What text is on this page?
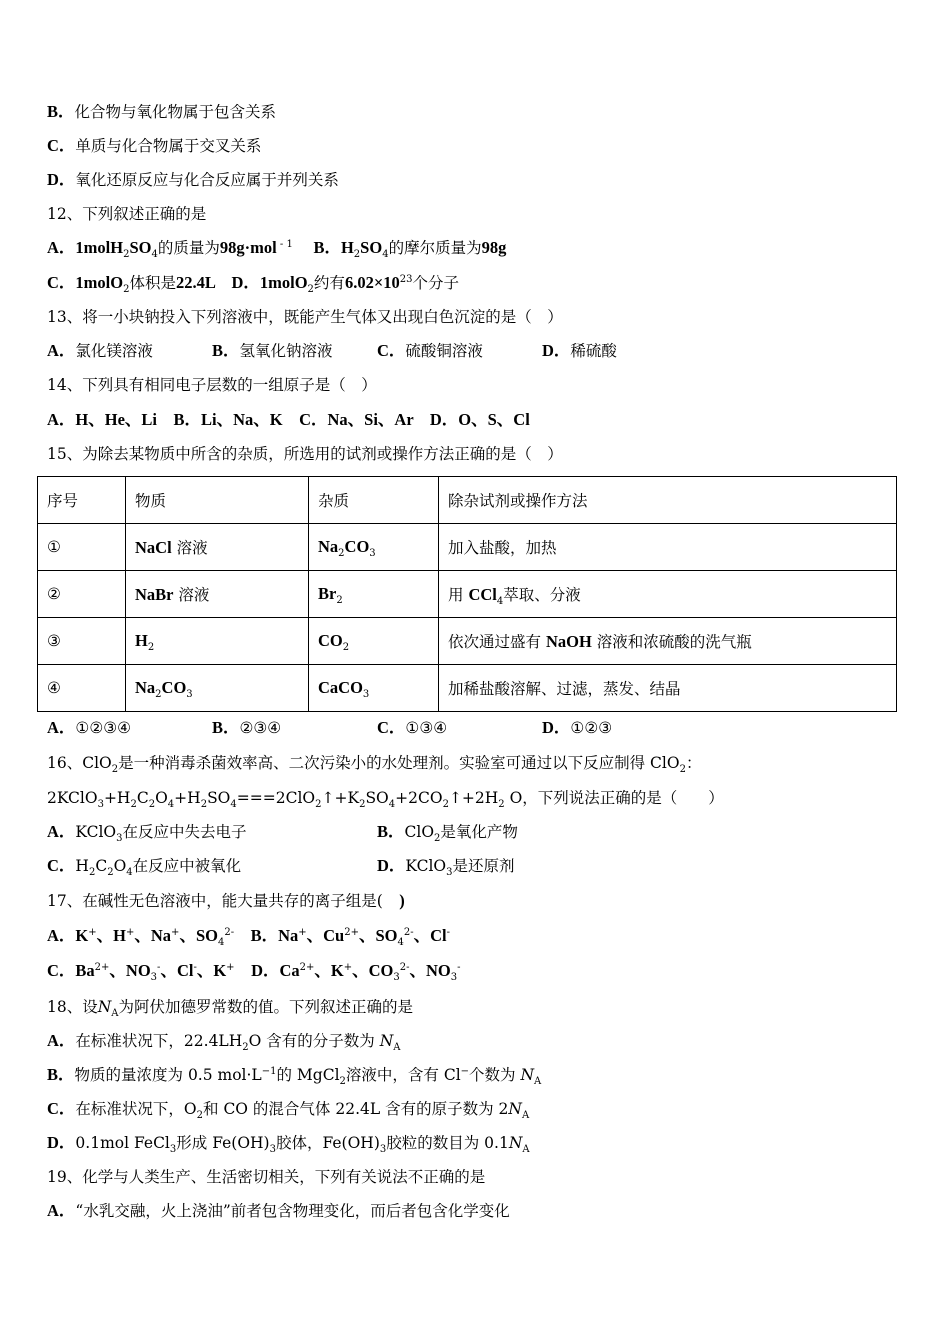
B．化合物与氧化物属于包含关系
C．单质与化合物属于交叉关系
D．氧化还原反应与化合反应属于并列关系
12、下列叙述正确的是
A．$1molH_2SO_4$的质量为98g·mol $^{- 1}$　 B．$H_2SO_4$的摩尔质量为98g
C．1molO$_2$体积是22.4L　D．1molO$_2$约有$6.02\times 10^{23}$个分子
13、将一小块钠投入下列溶液中，既能产生气体又出现白色沉淀的是（　）
A．氯化镁溶液	B．氢氧化钠溶液	C．硫酸铜溶液	D．稀硫酸
14、下列具有相同电子层数的一组原子是（　）
A．H、He、Li　B．Li、Na、K　C．Na、Si、Ar　D．O、S、Cl
15、为除去某物质中所含的杂质，所选用的试剂或操作方法正确的是（　）
A．①②③④	B．②③④	C．①③④	D．①②③
16、ClO$_2$是一种消毒杀菌效率高、二次污染小的水处理剂。实验室可通过以下反应制得 ClO$_2$：
$2KClO_3+H_2C_2O_4+H_2SO_4===2ClO_2↑+K_2SO_4+2CO_2↑+2H_2$ O，下列说法正确的是（　　）
A．KClO$_3$在反应中失去电子	B．ClO$_2$是氧化产物
C．$H_2C_2O_4$在反应中被氧化	D．KClO$_3$是还原剂
17、在碱性无色溶液中，能大量共存的离子组是(　)
A．K+、H+、Na+、$SO_4^{2-}$　B．Na+、$Cu^{2+}$、$SO_4^{2-}$、Cl-
C．$Ba^{2+}$、$NO_3^-$、Cl-、K+　D．$Ca^{2+}$、K+、$CO_3^{2-}$、$NO_3^-$
18、设$N_A$为阿伏加德罗常数的值。下列叙述正确的是
A．在标准状况下，$22.4LH_2O$ 含有的分子数为 $N_A$
B．物质的量浓度为 0.5 $mol\cdot L^{-1}$的 MgCl$_2$溶液中，含有 Cl−个数为 $N_A$
C．在标准状况下，$O_2$和 CO 的混合气体 22.4L 含有的原子数为 $2N_A$
D．0.1mol FeCl$_3$形成 $Fe(OH)_3$胶体，$Fe(OH)_3$胶粒的数目为 $0.1N_A$
19、化学与人类生产、生活密切相关，下列有关说法不正确的是
A．“水乳交融，火上浇油”前者包含物理变化，而后者包含化学变化
序号	物质	杂质	除杂试剂或操作方法
①	NaCl 溶液	$Na_2CO_3$	加入盐酸，加热
②	NaBr 溶液	$Br_2$	用 CCl$_4$萃取、分液
③	$H_2$	$CO_2$	依次通过盛有 NaOH 溶液和浓硫酸的洗气瓶
④	$Na_2CO_3$	CaCO$_3$	加稀盐酸溶解、过滤，蒸发、结晶
